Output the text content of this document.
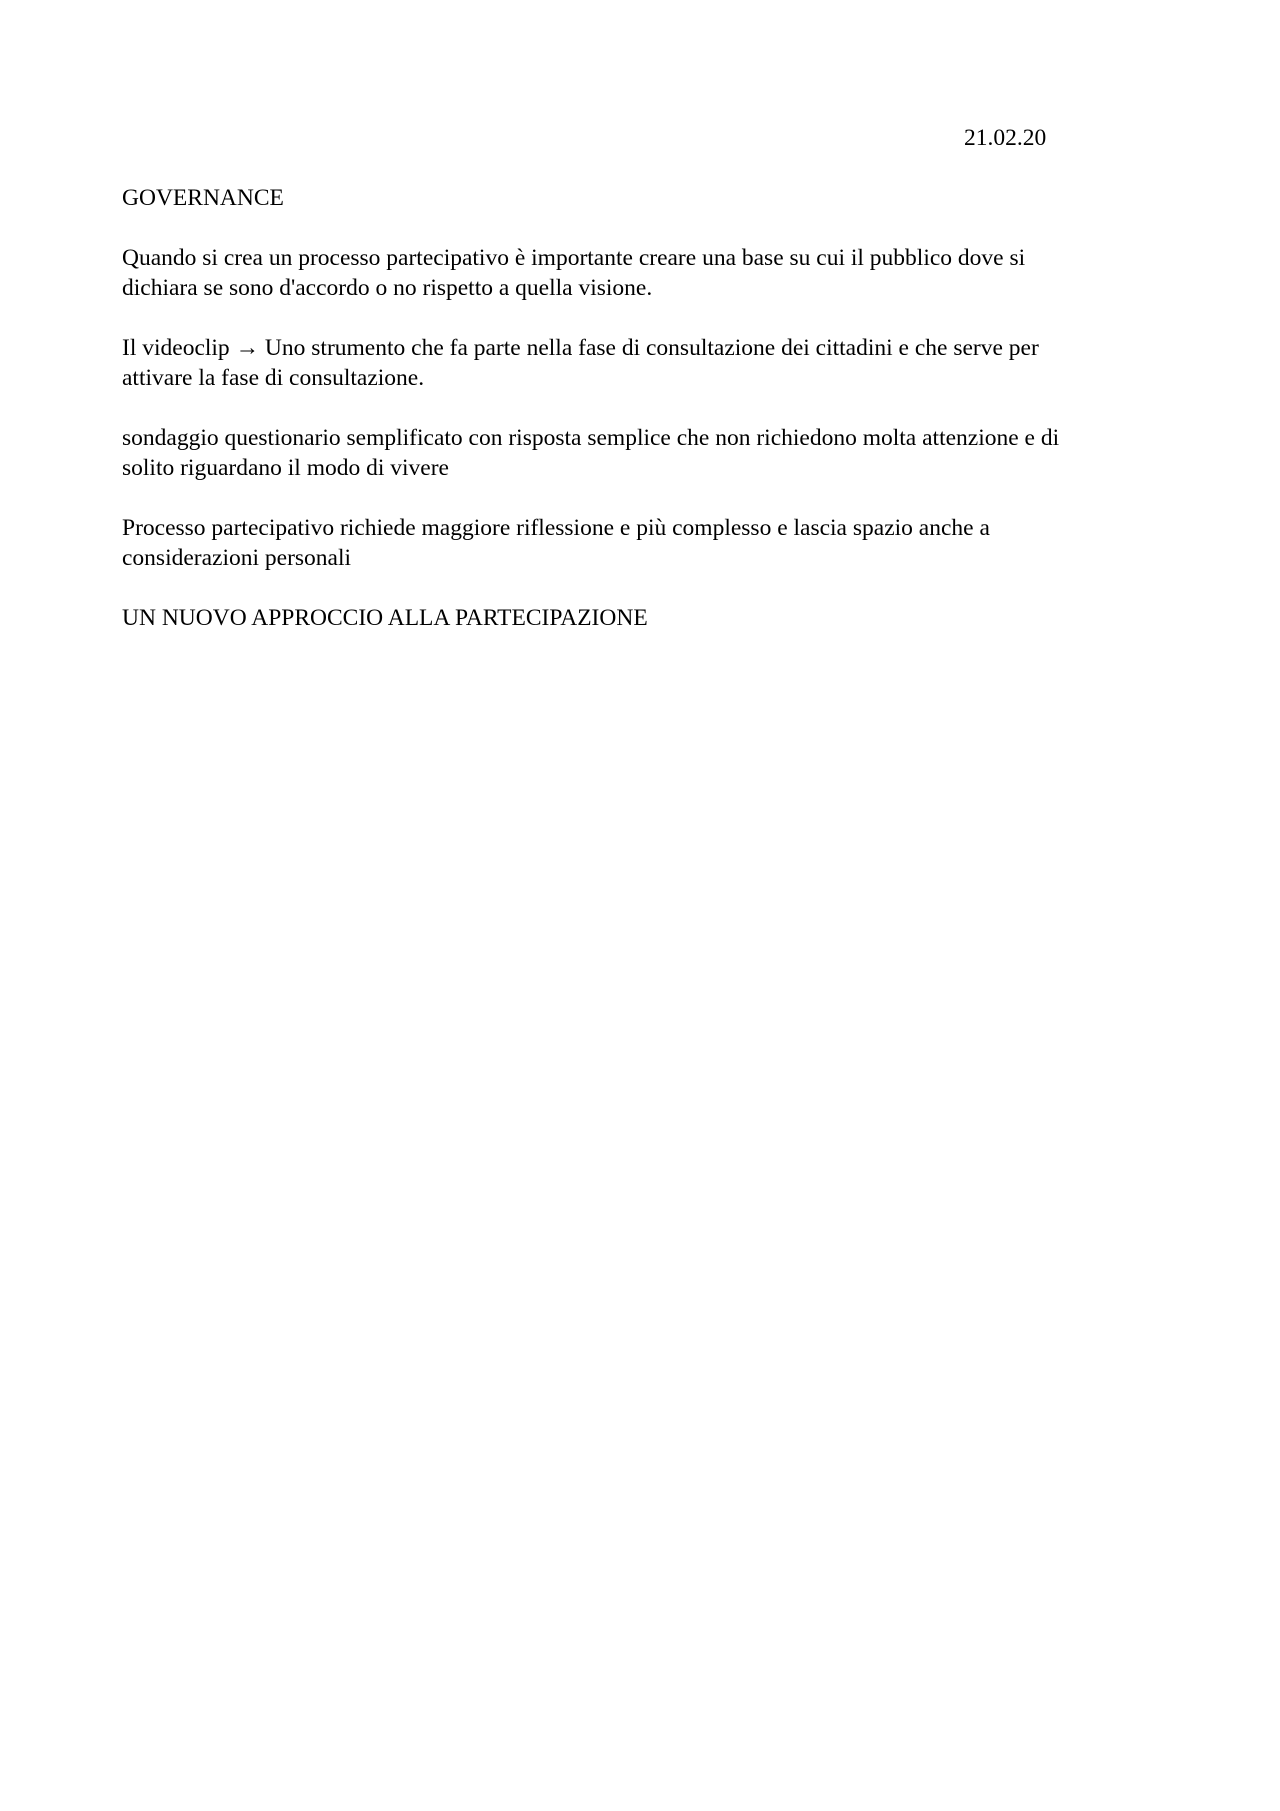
21.02.20

GOVERNANCE

Quando si crea un processo partecipativo è importante creare una base su cui il pubblico dove si
dichiara se sono d'accordo o no rispetto a quella visione.

Il videoclip → Uno strumento che fa parte nella fase di consultazione dei cittadini e che serve per
attivare la fase di consultazione.

sondaggio questionario semplificato con risposta semplice che non richiedono molta attenzione e di
solito riguardano il modo di vivere

Processo partecipativo richiede maggiore riflessione e più complesso e lascia spazio anche a
considerazioni personali

UN NUOVO APPROCCIO ALLA PARTECIPAZIONE
